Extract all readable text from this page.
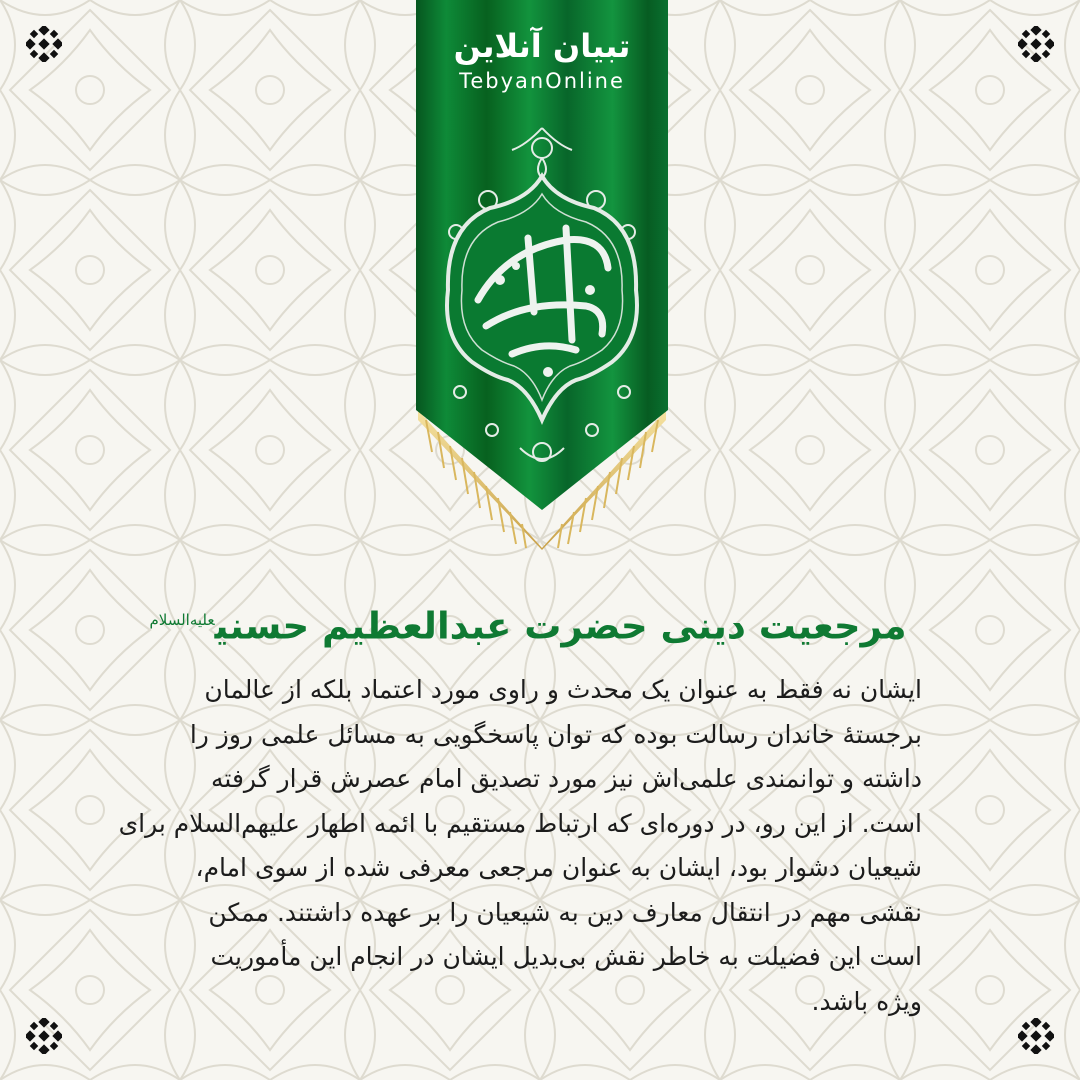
تبیان آنلاین
TebyanOnline
مرجعیت دینی حضرت عبدالعظیم حسنی$^{علیه‌السلام}$
ایشان نه فقط به عنوان یک محدث و راوی مورد اعتماد بلکه از عالمان
برجستهٔ خاندان رسالت بوده که توان پاسخگویی به مسائل علمی روز را
داشته و توانمندی علمی‌اش نیز مورد تصدیق امام عصرش قرار گرفته
است. از این رو، در دوره‌ای که ارتباط مستقیم با ائمه اطهار علیهم‌السلام برای
شیعیان دشوار بود، ایشان به عنوان مرجعی معرفی شده از سوی امام،
نقشی مهم در انتقال معارف دین به شیعیان را بر عهده داشتند. ممکن
است این فضیلت به خاطر نقش بی‌بدیل ایشان در انجام این مأموریت
ویژه باشد.
